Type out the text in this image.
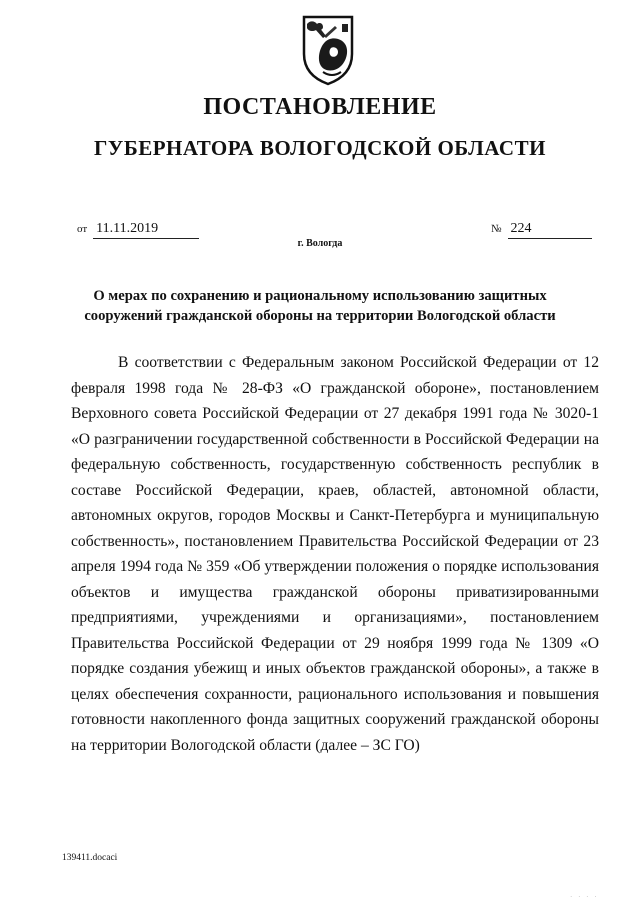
ПОСТАНОВЛЕНИЕ
ГУБЕРНАТОРА ВОЛОГОДСКОЙ ОБЛАСТИ
от 11.11.2019	№ 224
г. Вологда
О мерах по сохранению и рациональному использованию защитных сооружений гражданской обороны на территории Вологодской области

В соответствии с Федеральным законом Российской Федерации от 12 февраля 1998 года № 28-ФЗ «О гражданской обороне», постановлением Верховного совета Российской Федерации от 27 декабря 1991 года № 3020-1 «О разграничении государственной собственности в Российской Федерации на федеральную собственность, государственную собственность республик в составе Российской Федерации, краев, областей, автономной области, автономных округов, городов Москвы и Санкт-Петербурга и муниципальную собственность», постановлением Правительства Российской Федерации от 23 апреля 1994 года № 359 «Об утверждении положения о порядке использования объектов и имущества гражданской обороны приватизированными предприятиями, учреждениями и организациями», постановлением Правительства Российской Федерации от 29 ноября 1999 года № 1309 «О порядке создания убежищ и иных объектов гражданской обороны», а также в целях обеспечения сохранности, рационального использования и повышения готовности накопленного фонда защитных сооружений гражданской обороны на территории Вологодской области (далее – ЗС ГО)

139411.docaci
· · · ·
